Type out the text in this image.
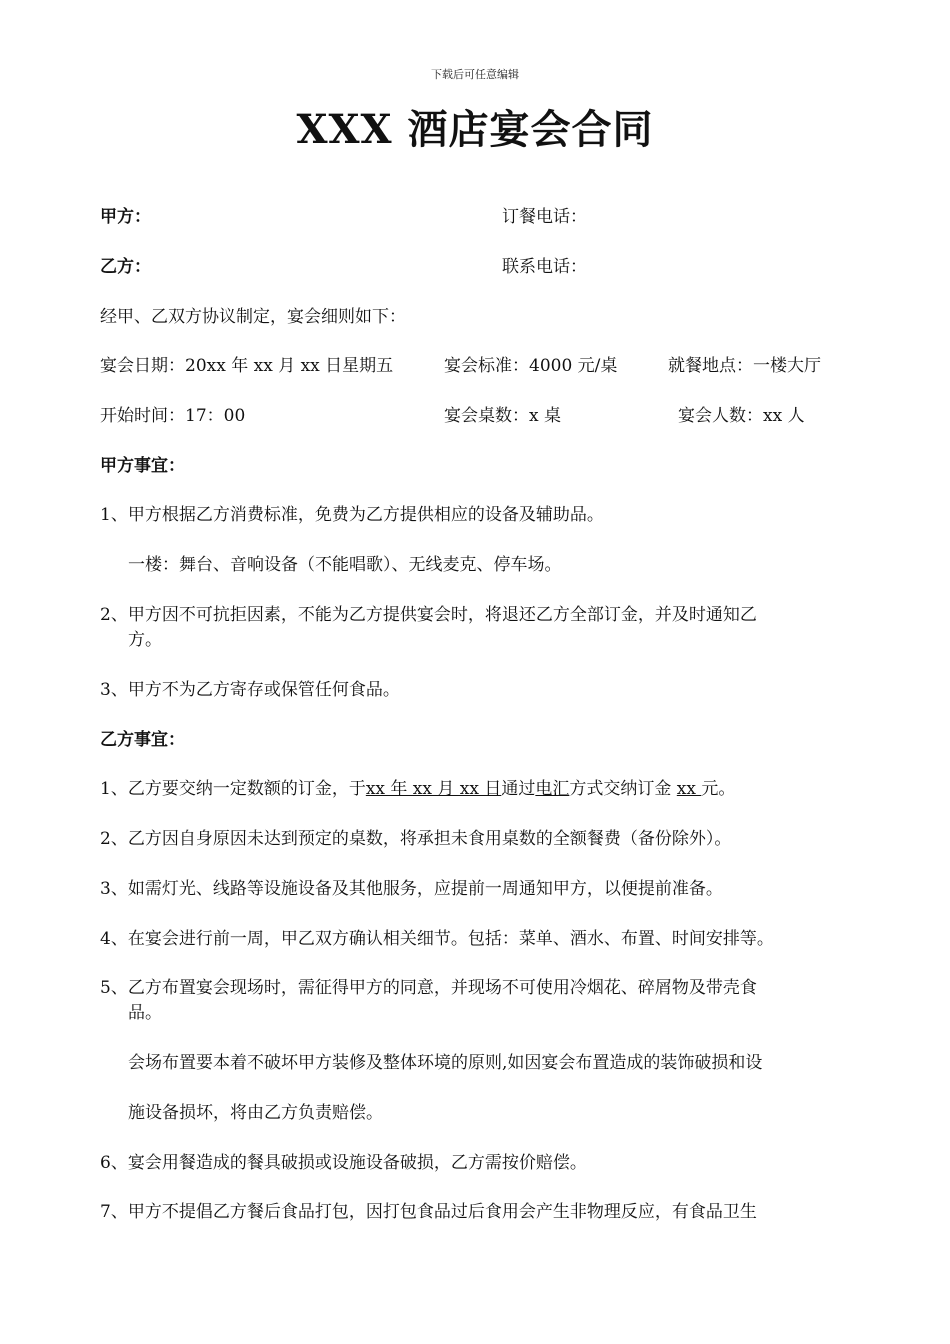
下载后可任意编辑
XXX 酒店宴会合同
甲方：	订餐电话：
乙方：	联系电话：
经甲、乙双方协议制定，宴会细则如下：
宴会日期：20xx 年 xx 月 xx 日星期五	宴会标准：4000 元/桌	就餐地点：一楼大厅
开始时间：17：00	宴会桌数：x 桌	宴会人数：xx 人
甲方事宜：
1、甲方根据乙方消费标准，免费为乙方提供相应的设备及辅助品。
一楼：舞台、音响设备（不能唱歌）、无线麦克、停车场。
2、甲方因不可抗拒因素，不能为乙方提供宴会时，将退还乙方全部订金，并及时通知乙
方。
3、甲方不为乙方寄存或保管任何食品。
乙方事宜：
1、乙方要交纳一定数额的订金，于xx 年 xx 月 xx 日通过电汇方式交纳订金 xx 元。
2、乙方因自身原因未达到预定的桌数，将承担未食用桌数的全额餐费（备份除外）。
3、如需灯光、线路等设施设备及其他服务，应提前一周通知甲方，以便提前准备。
4、在宴会进行前一周，甲乙双方确认相关细节。包括：菜单、酒水、布置、时间安排等。
5、乙方布置宴会现场时，需征得甲方的同意，并现场不可使用冷烟花、碎屑物及带壳食
品。
会场布置要本着不破坏甲方装修及整体环境的原则,如因宴会布置造成的装饰破损和设
施设备损坏，将由乙方负责赔偿。
6、宴会用餐造成的餐具破损或设施设备破损，乙方需按价赔偿。
7、甲方不提倡乙方餐后食品打包，因打包食品过后食用会产生非物理反应，有食品卫生
